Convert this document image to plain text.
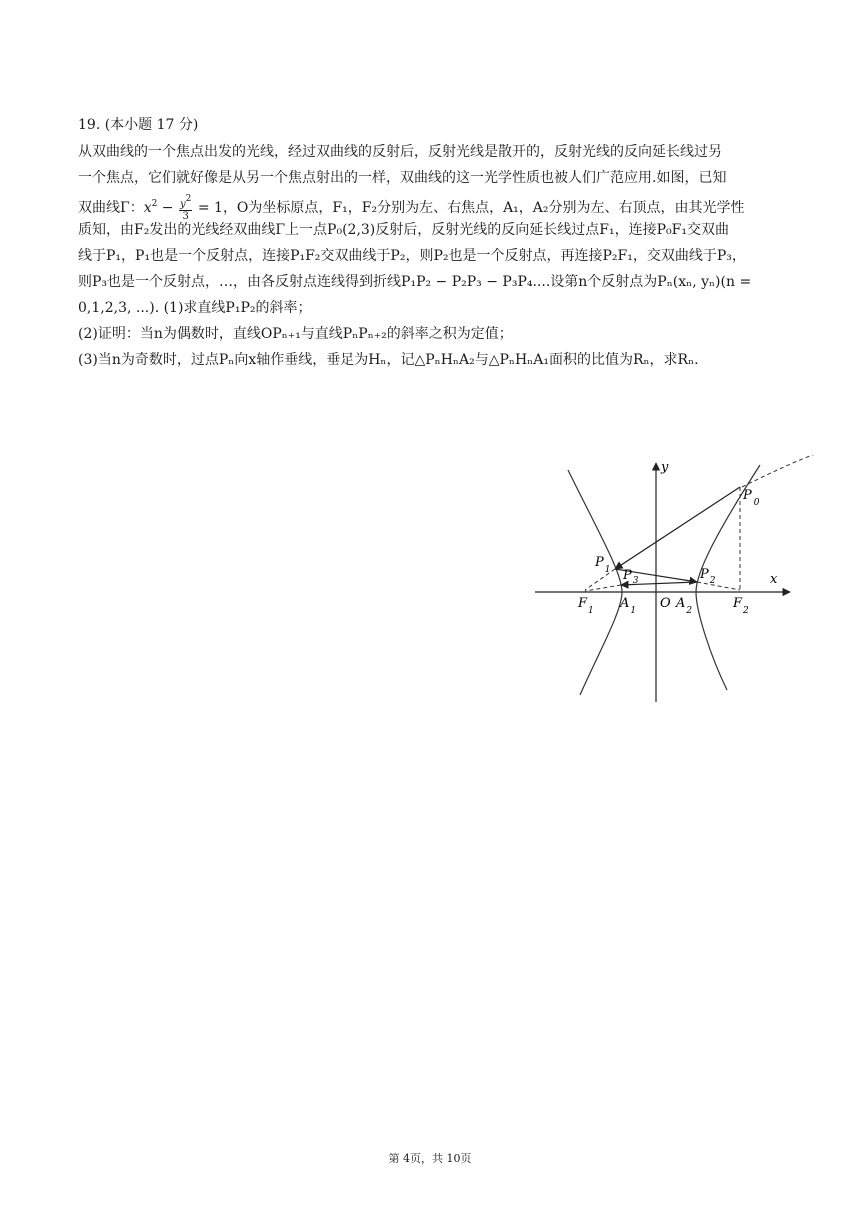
19. (本小题 17 分)
从双曲线的一个焦点出发的光线，经过双曲线的反射后，反射光线是散开的，反射光线的反向延长线过另
一个焦点，它们就好像是从另一个焦点射出的一样，双曲线的这一光学性质也被人们广范应用.如图，已知
双曲线Γ：$x^2 - \frac{y^2}{3} = 1$，O为坐标原点，F₁，F₂分别为左、右焦点，A₁，A₂分别为左、右顶点，由其光学性
质知，由F₂发出的光线经双曲线Γ上一点P₀(2,3)反射后，反射光线的反向延长线过点F₁，连接P₀F₁交双曲
线于P₁，P₁也是一个反射点，连接P₁F₂交双曲线于P₂，则P₂也是一个反射点，再连接P₂F₁，交双曲线于P₃，
则P₃也是一个反射点，…，由各反射点连线得到折线P₁P₂ − P₂P₃ − P₃P₄....设第n个反射点为Pₙ(xₙ, yₙ)(n =
0,1,2,3, ...). (1)求直线P₁P₂的斜率；
(2)证明：当n为偶数时，直线OPₙ₊₁与直线PₙPₙ₊₂的斜率之积为定值；
(3)当n为奇数时，过点Pₙ向x轴作垂线，垂足为Hₙ，记△PₙHₙA₂与△PₙHₙA₁面积的比值为Rₙ，求Rₙ.
y
x
P $_0$
$P_1$ $P_3$	$P_2$
$F_1$ $A_1$ O $A_2$	$F_2$
第 4页，共 10页
